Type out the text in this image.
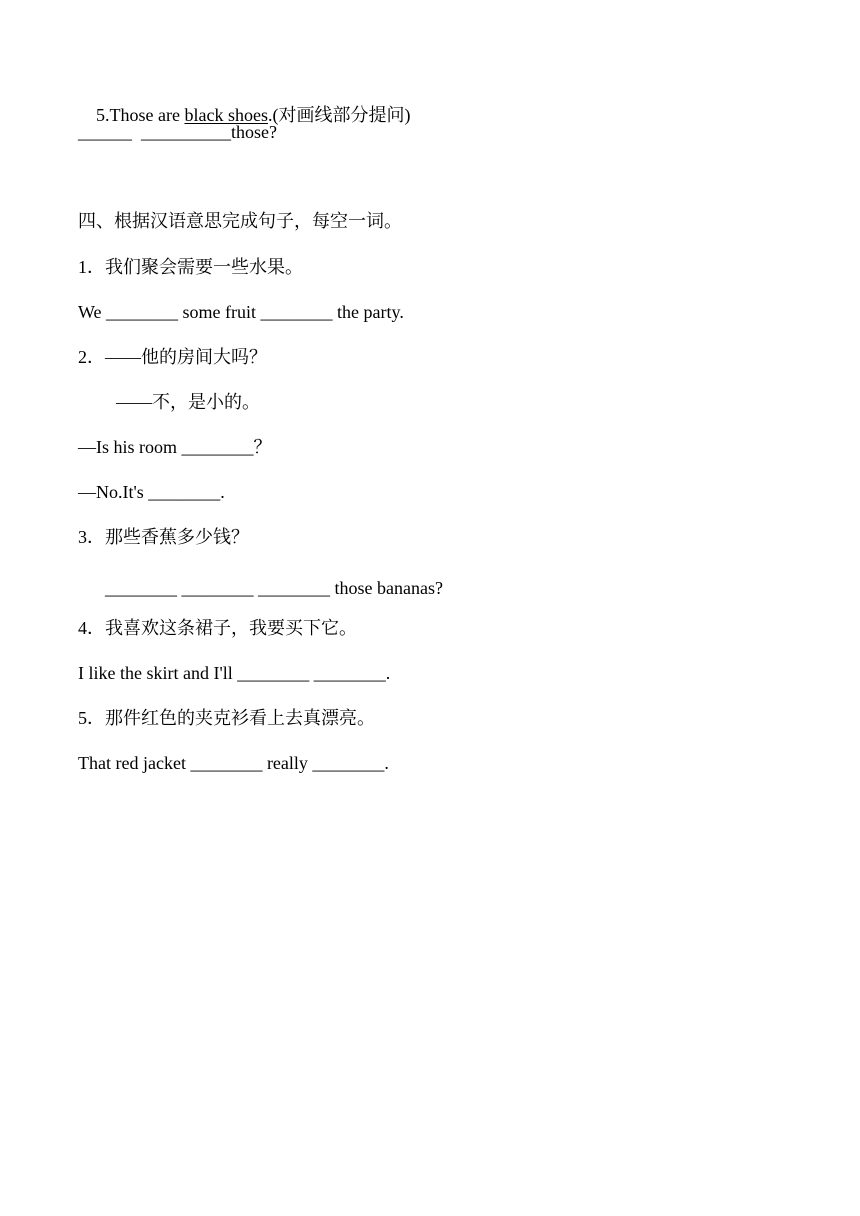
5.Those are black shoes.(对画线部分提问)

______  __________those?
四、根据汉语意思完成句子，每空一词。
1．我们聚会需要一些水果。
We ________ some fruit ________ the party.
2．——他的房间大吗？
——不，是小的。
—Is his room ________？
—No.It's ________.
3．那些香蕉多少钱？
________ ________ ________ those bananas?
4．我喜欢这条裙子，我要买下它。
I like the skirt and I'll ________ ________.
5．那件红色的夹克衫看上去真漂亮。
That red jacket ________ really ________.
